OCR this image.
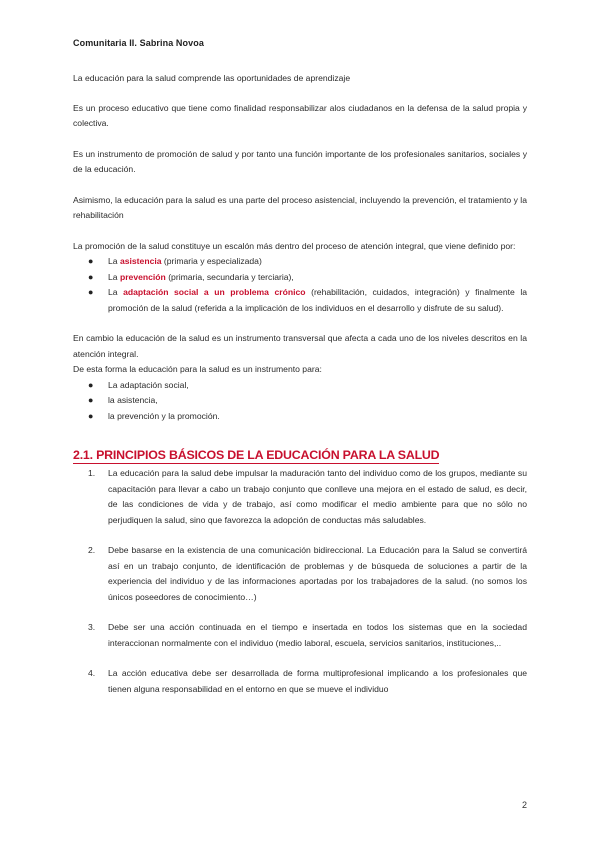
Comunitaria II. Sabrina Novoa

La educación para la salud comprende las oportunidades de aprendizaje

Es un proceso educativo que tiene como finalidad responsabilizar alos ciudadanos en la defensa de la salud propia y colectiva.

Es un instrumento de promoción de salud y por tanto una función importante de los profesionales sanitarios, sociales y de la educación.

Asimismo, la educación para la salud es una parte del proceso asistencial, incluyendo la prevención, el tratamiento y la rehabilitación

La promoción de la salud constituye un escalón más dentro del proceso de atención integral, que viene definido por:

● La asistencia (primaria y especializada)
● La prevención (primaria, secundaria y terciaria),
● La adaptación social a un problema crónico (rehabilitación, cuidados, integración) y finalmente la promoción de la salud (referida a la implicación de los individuos en el desarrollo y disfrute de su salud).

En cambio la educación de la salud es un instrumento transversal que afecta a cada uno de los niveles descritos en la atención integral.

De esta forma la educación para la salud es un instrumento para:

● La adaptación social,
● la asistencia,
● la prevención y la promoción.
2.1. PRINCIPIOS BÁSICOS DE LA EDUCACIÓN PARA LA SALUD
1. La educación para la salud debe impulsar la maduración tanto del individuo como de los grupos, mediante su capacitación para llevar a cabo un trabajo conjunto que conlleve una mejora en el estado de salud, es decir, de las condiciones de vida y de trabajo, así como modificar el medio ambiente para que no sólo no perjudiquen la salud, sino que favorezca la adopción de conductas más saludables.
2. Debe basarse en la existencia de una comunicación bidireccional. La Educación para la Salud se convertirá así en un trabajo conjunto, de identificación de problemas y de búsqueda de soluciones a partir de la experiencia del individuo y de las informaciones aportadas por los trabajadores de la salud. (no somos los únicos poseedores de conocimiento…)
3. Debe ser una acción continuada en el tiempo e insertada en todos los sistemas que en la sociedad interaccionan normalmente con el individuo (medio laboral, escuela, servicios sanitarios, instituciones,..
4. La acción educativa debe ser desarrollada de forma multiprofesional implicando a los profesionales que tienen alguna responsabilidad en el entorno en que se mueve el individuo
2
